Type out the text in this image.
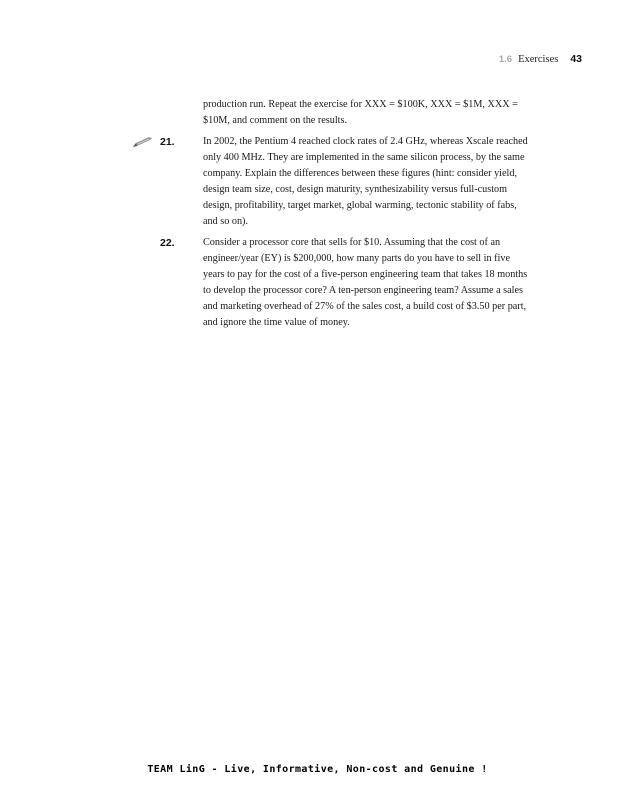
1.6 Exercises 43
production run. Repeat the exercise for XXX = $100K, XXX = $1M, XXX =
$10M, and comment on the results.
21.	In 2002, the Pentium 4 reached clock rates of 2.4 GHz, whereas Xscale reached
only 400 MHz. They are implemented in the same silicon process, by the same
company. Explain the differences between these figures (hint: consider yield,
design team size, cost, design maturity, synthesizability versus full-custom
design, profitability, target market, global warming, tectonic stability of fabs,
and so on).
22.	Consider a processor core that sells for $10. Assuming that the cost of an
engineer/year (EY) is $200,000, how many parts do you have to sell in five
years to pay for the cost of a five-person engineering team that takes 18 months
to develop the processor core? A ten-person engineering team? Assume a sales
and marketing overhead of 27% of the sales cost, a build cost of $3.50 per part,
and ignore the time value of money.
TEAM LinG - Live, Informative, Non-cost and Genuine !
